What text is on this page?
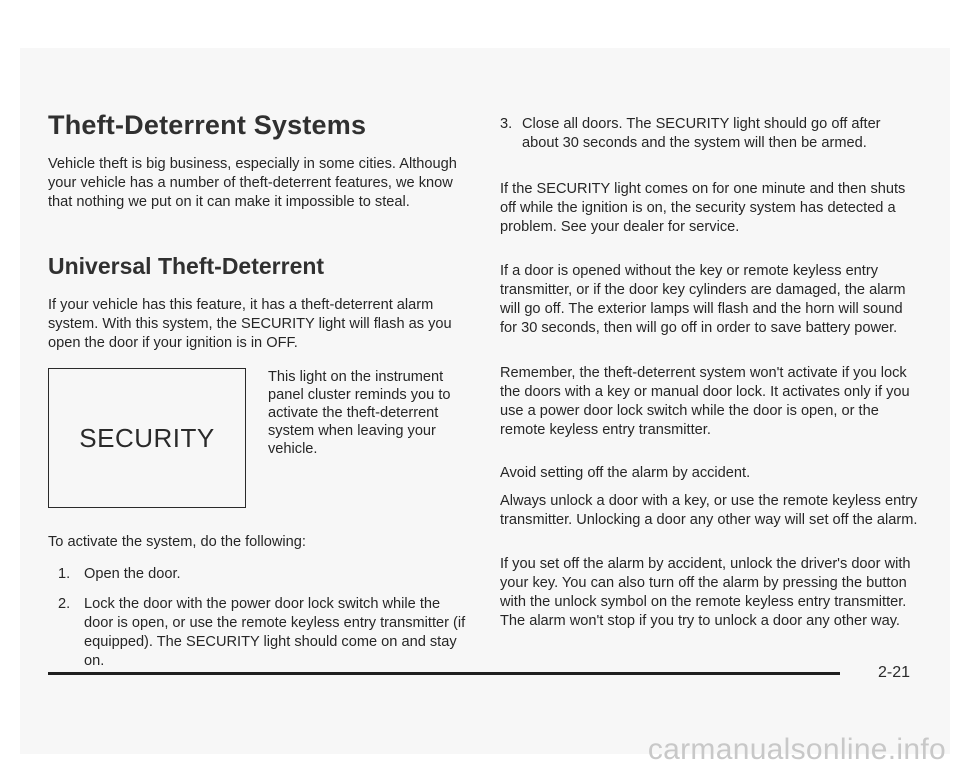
Theft-Deterrent Systems

Vehicle theft is big business, especially in some cities. Although your vehicle has a number of theft-deterrent features, we know that nothing we put on it can make it impossible to steal.

Universal Theft-Deterrent

If your vehicle has this feature, it has a theft-deterrent alarm system. With this system, the SECURITY light will flash as you open the door if your ignition is in OFF.

SECURITY

This light on the instrument panel cluster reminds you to activate the theft-deterrent system when leaving your vehicle.

To activate the system, do the following:

1. Open the door.
2. Lock the door with the power door lock switch while the door is open, or use the remote keyless entry transmitter (if equipped). The SECURITY light should come on and stay on.
3. Close all doors. The SECURITY light should go off after about 30 seconds and the system will then be armed.

If the SECURITY light comes on for one minute and then shuts off while the ignition is on, the security system has detected a problem. See your dealer for service.

If a door is opened without the key or remote keyless entry transmitter, or if the door key cylinders are damaged, the alarm will go off. The exterior lamps will flash and the horn will sound for 30 seconds, then will go off in order to save battery power.

Remember, the theft-deterrent system won't activate if you lock the doors with a key or manual door lock. It activates only if you use a power door lock switch while the door is open, or the remote keyless entry transmitter.

Avoid setting off the alarm by accident.

Always unlock a door with a key, or use the remote keyless entry transmitter. Unlocking a door any other way will set off the alarm.

If you set off the alarm by accident, unlock the driver's door with your key. You can also turn off the alarm by pressing the button with the unlock symbol on the remote keyless entry transmitter. The alarm won't stop if you try to unlock a door any other way.

2-21
carmanualsonline.info
